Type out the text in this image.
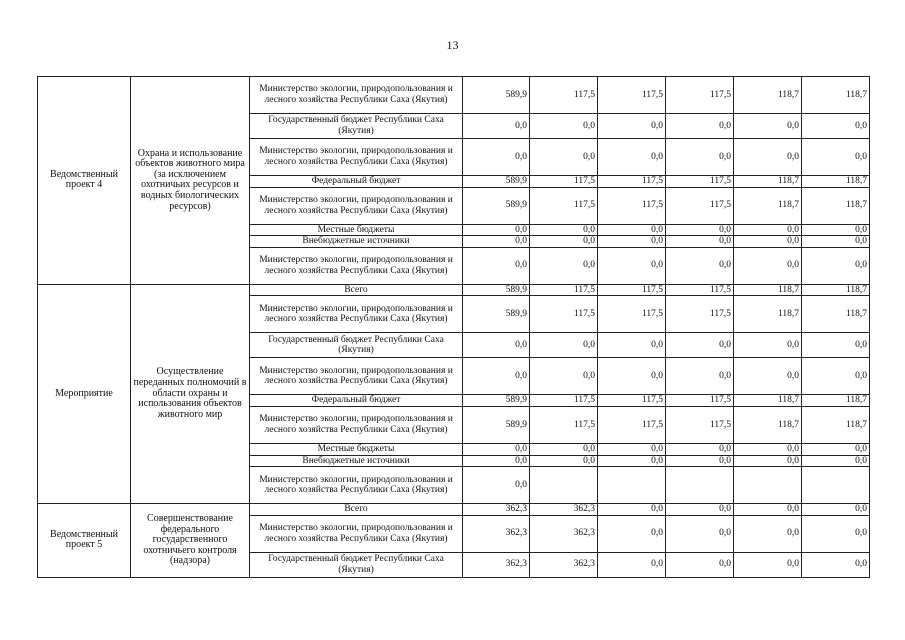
13
Ведомственный проект 4	Охрана и использование объектов животного мира (за исключением охотничьих ресурсов и водных биологических ресурсов)	Министерство экологии, природопользования и лесного хозяйства Республики Саха (Якутия)	589,9	117,5	117,5	117,5	118,7	118,7
		Государственный бюджет Республики Саха (Якутия)	0,0	0,0	0,0	0,0	0,0	0,0
		Министерство экологии, природопользования и лесного хозяйства Республики Саха (Якутия)	0,0	0,0	0,0	0,0	0,0	0,0
		Федеральный бюджет	589,9	117,5	117,5	117,5	118,7	118,7
		Министерство экологии, природопользования и лесного хозяйства Республики Саха (Якутия)	589,9	117,5	117,5	117,5	118,7	118,7
		Местные бюджеты	0,0	0,0	0,0	0,0	0,0	0,0
		Внебюджетные источники	0,0	0,0	0,0	0,0	0,0	0,0
		Министерство экологии, природопользования и лесного хозяйства Республики Саха (Якутия)	0,0	0,0	0,0	0,0	0,0	0,0
Мероприятие	Осуществление переданных полномочий в области охраны и использования объектов животного мир	Всего	589,9	117,5	117,5	117,5	118,7	118,7
		Министерство экологии, природопользования и лесного хозяйства Республики Саха (Якутия)	589,9	117,5	117,5	117,5	118,7	118,7
		Государственный бюджет Республики Саха (Якутия)	0,0	0,0	0,0	0,0	0,0	0,0
		Министерство экологии, природопользования и лесного хозяйства Республики Саха (Якутия)	0,0	0,0	0,0	0,0	0,0	0,0
		Федеральный бюджет	589,9	117,5	117,5	117,5	118,7	118,7
		Министерство экологии, природопользования и лесного хозяйства Республики Саха (Якутия)	589,9	117,5	117,5	117,5	118,7	118,7
		Местные бюджеты	0,0	0,0	0,0	0,0	0,0	0,0
		Внебюджетные источники	0,0	0,0	0,0	0,0	0,0	0,0
		Министерство экологии, природопользования и лесного хозяйства Республики Саха (Якутия)	0,0					
Ведомственный проект 5	Совершенствование федерального государственного охотничьего контроля (надзора)	Всего	362,3	362,3	0,0	0,0	0,0	0,0
		Министерство экологии, природопользования и лесного хозяйства Республики Саха (Якутия)	362,3	362,3	0,0	0,0	0,0	0,0
		Государственный бюджет Республики Саха (Якутия)	362,3	362,3	0,0	0,0	0,0	0,0
